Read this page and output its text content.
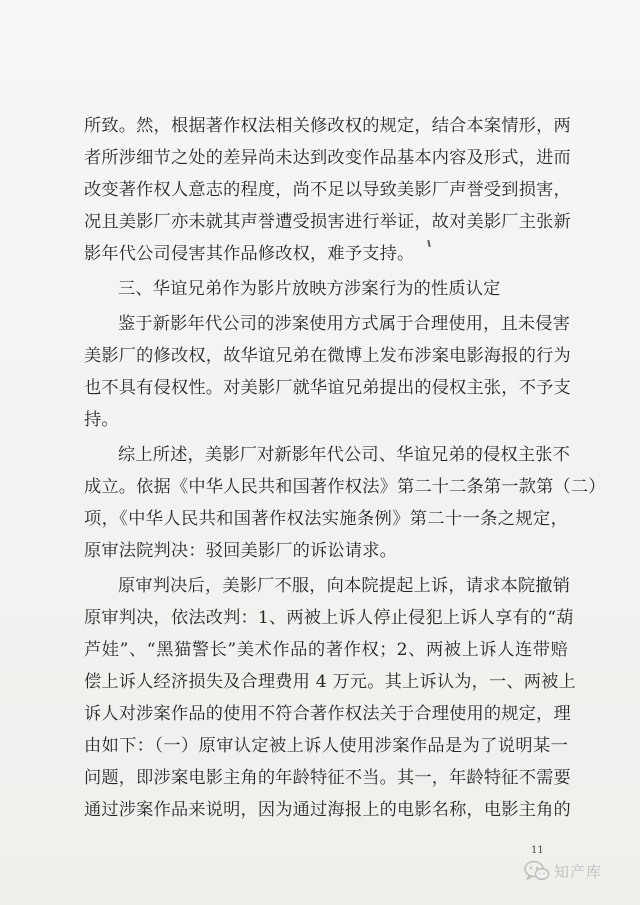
所致。然，根据著作权法相关修改权的规定，结合本案情形，两
者所涉细节之处的差异尚未达到改变作品基本内容及形式，进而
改变著作权人意志的程度，尚不足以导致美影厂声誉受到损害，
况且美影厂亦未就其声誉遭受损害进行举证，故对美影厂主张新
影年代公司侵害其作品修改权，难予支持。
三、华谊兄弟作为影片放映方涉案行为的性质认定
鉴于新影年代公司的涉案使用方式属于合理使用，且未侵害
美影厂的修改权，故华谊兄弟在微博上发布涉案电影海报的行为
也不具有侵权性。对美影厂就华谊兄弟提出的侵权主张，不予支
持。
综上所述，美影厂对新影年代公司、华谊兄弟的侵权主张不
成立。依据《中华人民共和国著作权法》第二十二条第一款第（二）
项，《中华人民共和国著作权法实施条例》第二十一条之规定，
原审法院判决：驳回美影厂的诉讼请求。
原审判决后，美影厂不服，向本院提起上诉，请求本院撤销
原审判决，依法改判：1、两被上诉人停止侵犯上诉人享有的“葫
芦娃”、“黑猫警长”美术作品的著作权；2、两被上诉人连带赔
偿上诉人经济损失及合理费用 4 万元。其上诉认为，一、两被上
诉人对涉案作品的使用不符合著作权法关于合理使用的规定，理
由如下：（一）原审认定被上诉人使用涉案作品是为了说明某一
问题，即涉案电影主角的年龄特征不当。其一，年龄特征不需要
通过涉案作品来说明，因为通过海报上的电影名称，电影主角的
11
知产库
